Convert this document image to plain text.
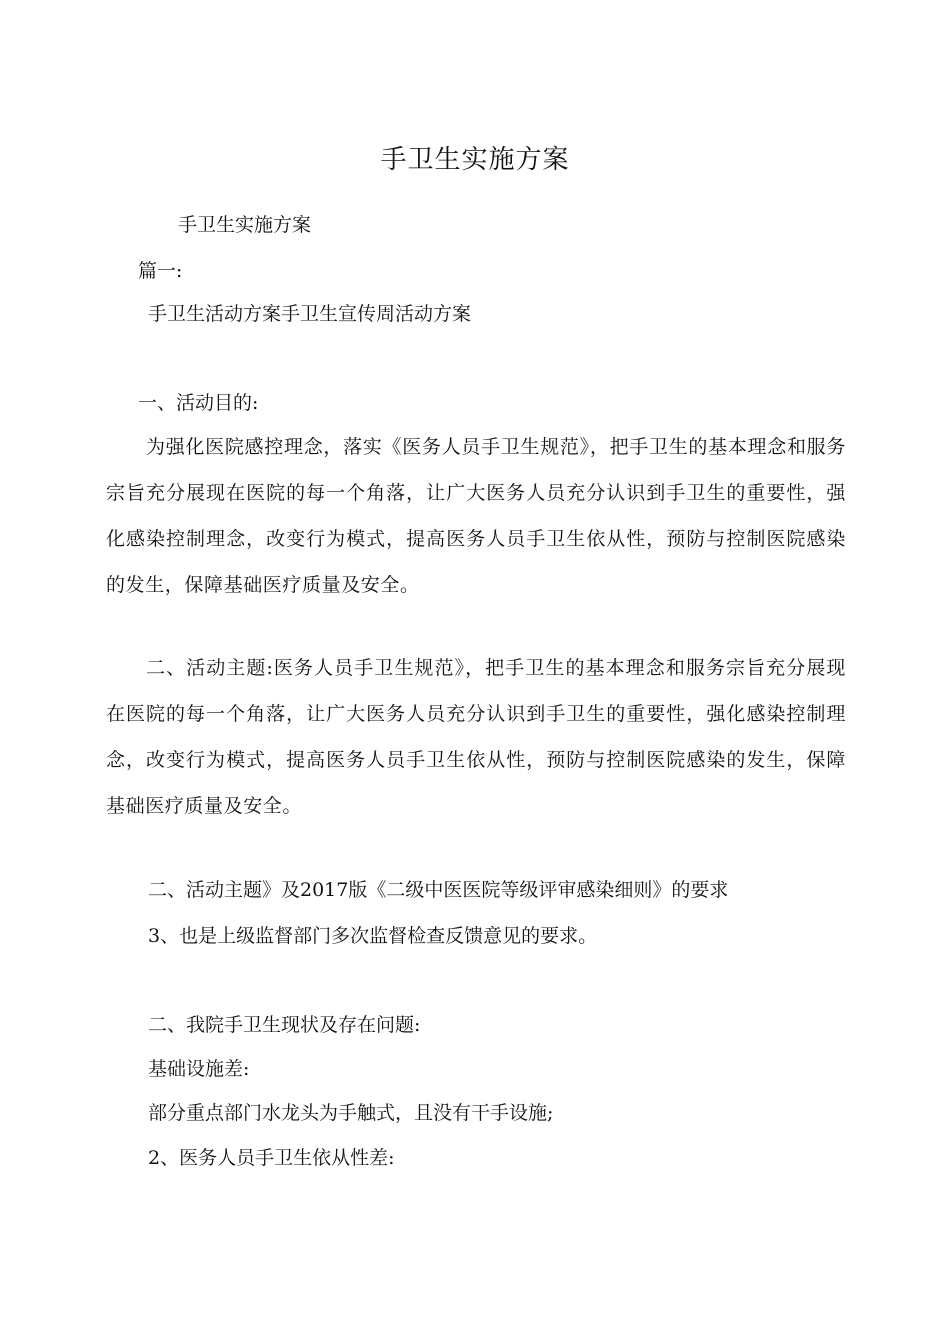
手卫生实施方案
手卫生实施方案
篇一:
手卫生活动方案手卫生宣传周活动方案
一、活动目的:
为强化医院感控理念，落实《医务人员手卫生规范》，把手卫生的基本理念和服务宗旨充分展现在医院的每一个角落，让广大医务人员充分认识到手卫生的重要性，强化感染控制理念，改变行为模式，提高医务人员手卫生依从性，预防与控制医院感染的发生，保障基础医疗质量及安全。
二、活动主题:医务人员手卫生规范》，把手卫生的基本理念和服务宗旨充分展现在医院的每一个角落，让广大医务人员充分认识到手卫生的重要性，强化感染控制理念，改变行为模式，提高医务人员手卫生依从性，预防与控制医院感染的发生，保障基础医疗质量及安全。
二、活动主题》及2017版《二级中医医院等级评审感染细则》的要求
3、也是上级监督部门多次监督检查反馈意见的要求。
二、我院手卫生现状及存在问题:
基础设施差:
部分重点部门水龙头为手触式，且没有干手设施;
2、医务人员手卫生依从性差:
